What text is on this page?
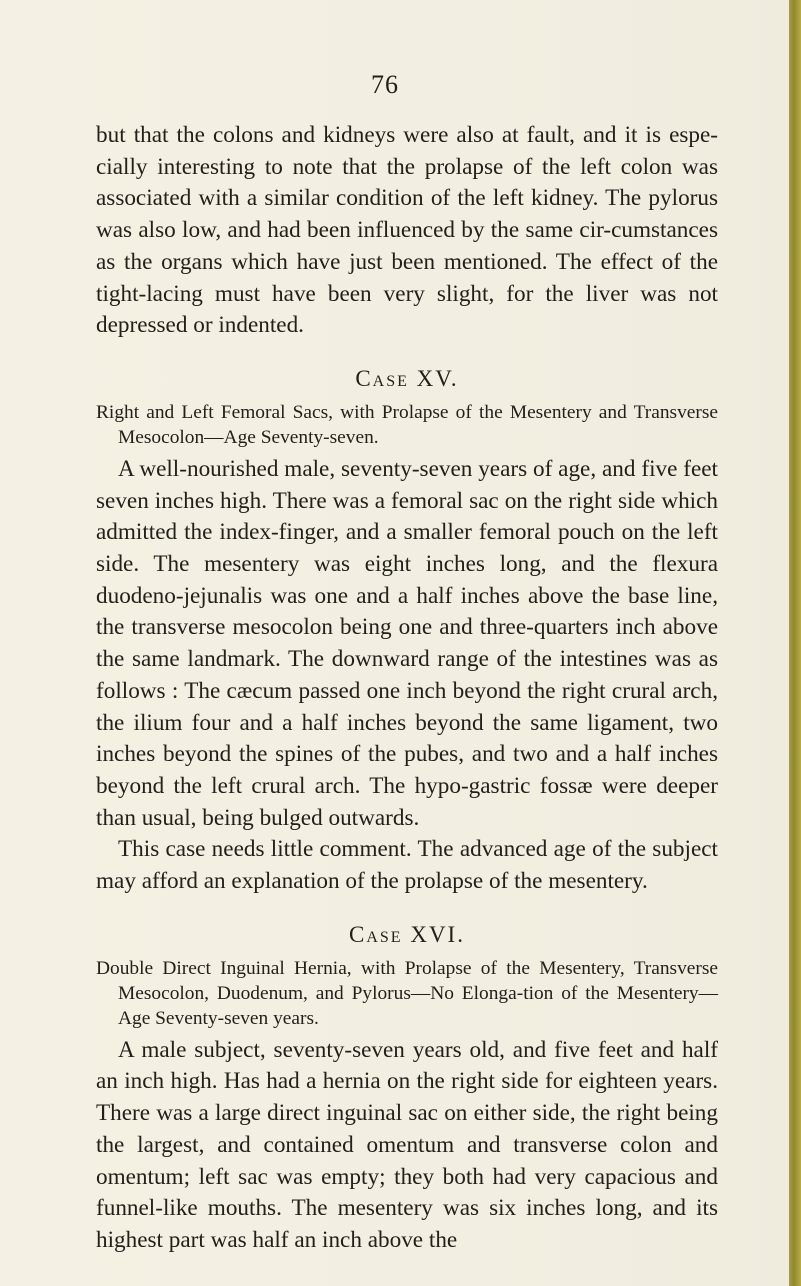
76

but that the colons and kidneys were also at fault, and it is espe-cially interesting to note that the prolapse of the left colon was associated with a similar condition of the left kidney. The pylorus was also low, and had been influenced by the same cir-cumstances as the organs which have just been mentioned. The effect of the tight-lacing must have been very slight, for the liver was not depressed or indented.

Case XV.

Right and Left Femoral Sacs, with Prolapse of the Mesentery and Transverse Mesocolon—Age Seventy-seven.

A well-nourished male, seventy-seven years of age, and five feet seven inches high. There was a femoral sac on the right side which admitted the index-finger, and a smaller femoral pouch on the left side. The mesentery was eight inches long, and the flexura duodeno-jejunalis was one and a half inches above the base line, the transverse mesocolon being one and three-quarters inch above the same landmark. The downward range of the intestines was as follows : The cæcum passed one inch beyond the right crural arch, the ilium four and a half inches beyond the same ligament, two inches beyond the spines of the pubes, and two and a half inches beyond the left crural arch. The hypo-gastric fossæ were deeper than usual, being bulged outwards.

This case needs little comment. The advanced age of the subject may afford an explanation of the prolapse of the mesentery.

Case XVI.

Double Direct Inguinal Hernia, with Prolapse of the Mesentery, Transverse Mesocolon, Duodenum, and Pylorus—No Elonga-tion of the Mesentery—Age Seventy-seven years.

A male subject, seventy-seven years old, and five feet and half an inch high. Has had a hernia on the right side for eighteen years. There was a large direct inguinal sac on either side, the right being the largest, and contained omentum and transverse colon and omentum; left sac was empty; they both had very capacious and funnel-like mouths. The mesentery was six inches long, and its highest part was half an inch above the
